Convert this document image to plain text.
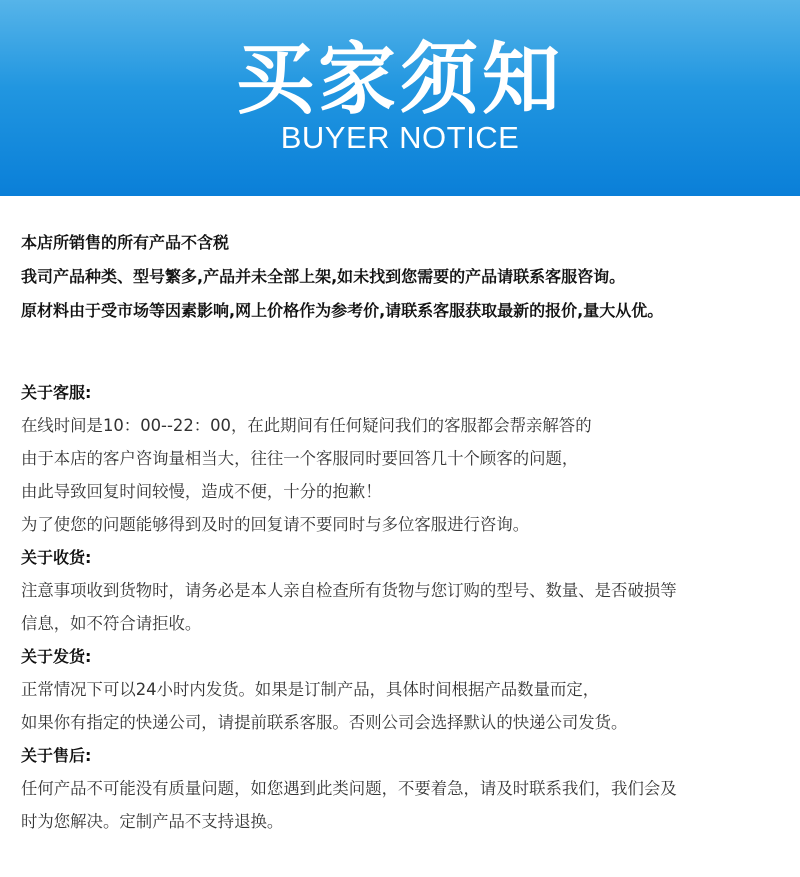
买家须知
BUYER NOTICE
本店所销售的所有产品不含税
我司产品种类、型号繁多,产品并未全部上架,如未找到您需要的产品请联系客服咨询。
原材料由于受市场等因素影响,网上价格作为参考价,请联系客服获取最新的报价,量大从优。
关于客服:
在线时间是10：00--22：00，在此期间有任何疑问我们的客服都会帮亲解答的
由于本店的客户咨询量相当大，往往一个客服同时要回答几十个顾客的问题，
由此导致回复时间较慢，造成不便，十分的抱歉！
为了使您的问题能够得到及时的回复请不要同时与多位客服进行咨询。
关于收货:
注意事项收到货物时，请务必是本人亲自检查所有货物与您订购的型号、数量、是否破损等
信息，如不符合请拒收。
关于发货:
正常情况下可以24小时内发货。如果是订制产品，具体时间根据产品数量而定，
如果你有指定的快递公司，请提前联系客服。否则公司会选择默认的快递公司发货。
关于售后:
任何产品不可能没有质量问题，如您遇到此类问题，不要着急，请及时联系我们，我们会及
时为您解决。定制产品不支持退换。
